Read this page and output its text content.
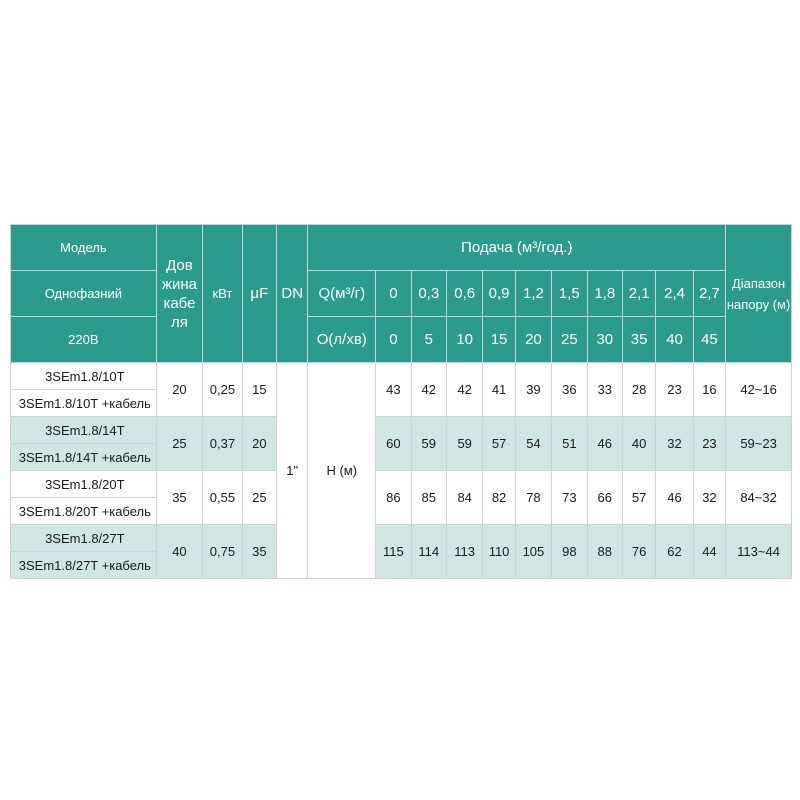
Модель	Дов жина кабе ля	кВт	μF	DN	Подача (м³/год.)											Діапазон напору (м)
Однофазний					Q(м³/г)	0	0,3	0,6	0,9	1,2	1,5	1,8	2,1	2,4	2,7	
220В					О(л/хв)	0	5	10	15	20	25	30	35	40	45	
3SEm1.8/10T	20	0,25	15	1"	Н (м)	43	42	42	41	39	36	33	28	23	16	42~16
3SEm1.8/10T +кабель																
3SEm1.8/14T	25	0,37	20			60	59	59	57	54	51	46	40	32	23	59~23
3SEm1.8/14T +кабель																
3SEm1.8/20T	35	0,55	25			86	85	84	82	78	73	66	57	46	32	84~32
3SEm1.8/20T +кабель																
3SEm1.8/27T	40	0,75	35			115	114	113	110	105	98	88	76	62	44	113~44
3SEm1.8/27T +кабель																
